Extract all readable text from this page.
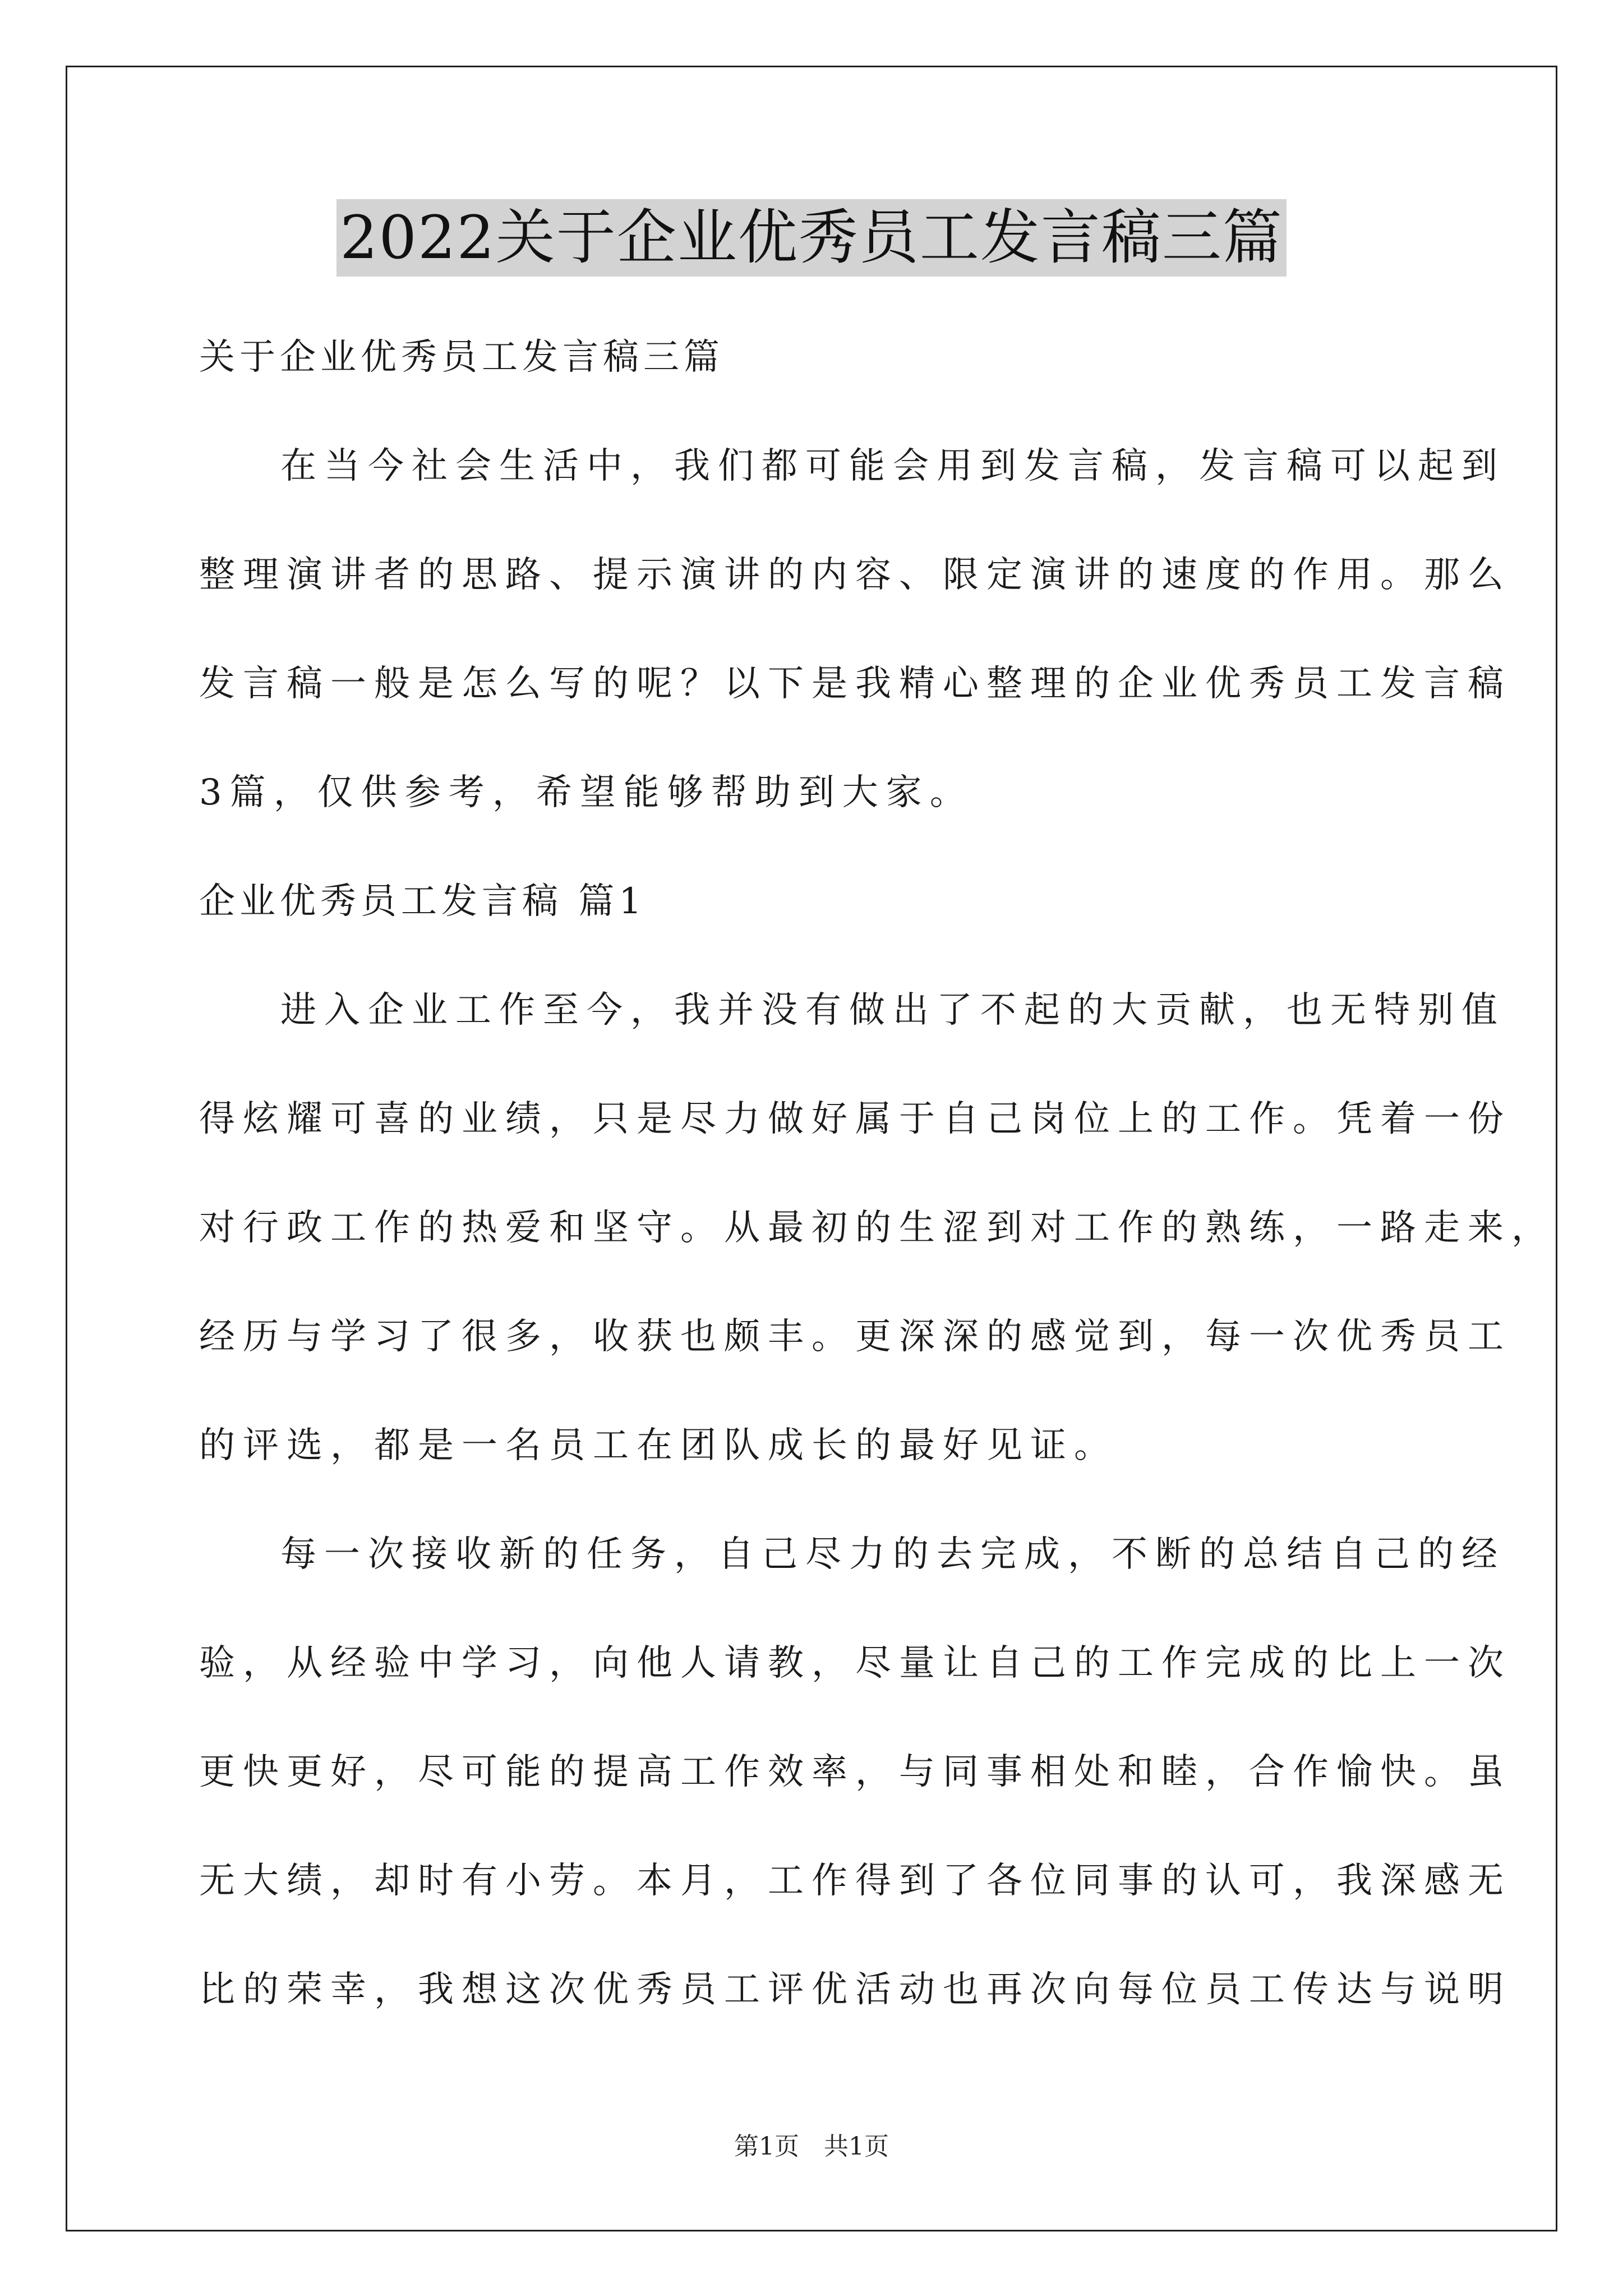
2022关于企业优秀员工发言稿三篇
关于企业优秀员工发言稿三篇
在当今社会生活中，我们都可能会用到发言稿，发言稿可以起到
整理演讲者的思路、提示演讲的内容、限定演讲的速度的作用。那么
发言稿一般是怎么写的呢？以下是我精心整理的企业优秀员工发言稿
3篇，仅供参考，希望能够帮助到大家。
企业优秀员工发言稿 篇1
进入企业工作至今，我并没有做出了不起的大贡献，也无特别值
得炫耀可喜的业绩，只是尽力做好属于自己岗位上的工作。凭着一份
对行政工作的热爱和坚守。从最初的生涩到对工作的熟练，一路走来，
经历与学习了很多，收获也颇丰。更深深的感觉到，每一次优秀员工
的评选，都是一名员工在团队成长的最好见证。
每一次接收新的任务，自己尽力的去完成，不断的总结自己的经
验，从经验中学习，向他人请教，尽量让自己的工作完成的比上一次
更快更好，尽可能的提高工作效率，与同事相处和睦，合作愉快。虽
无大绩，却时有小劳。本月，工作得到了各位同事的认可，我深感无
比的荣幸，我想这次优秀员工评优活动也再次向每位员工传达与说明
第1页　共1页
